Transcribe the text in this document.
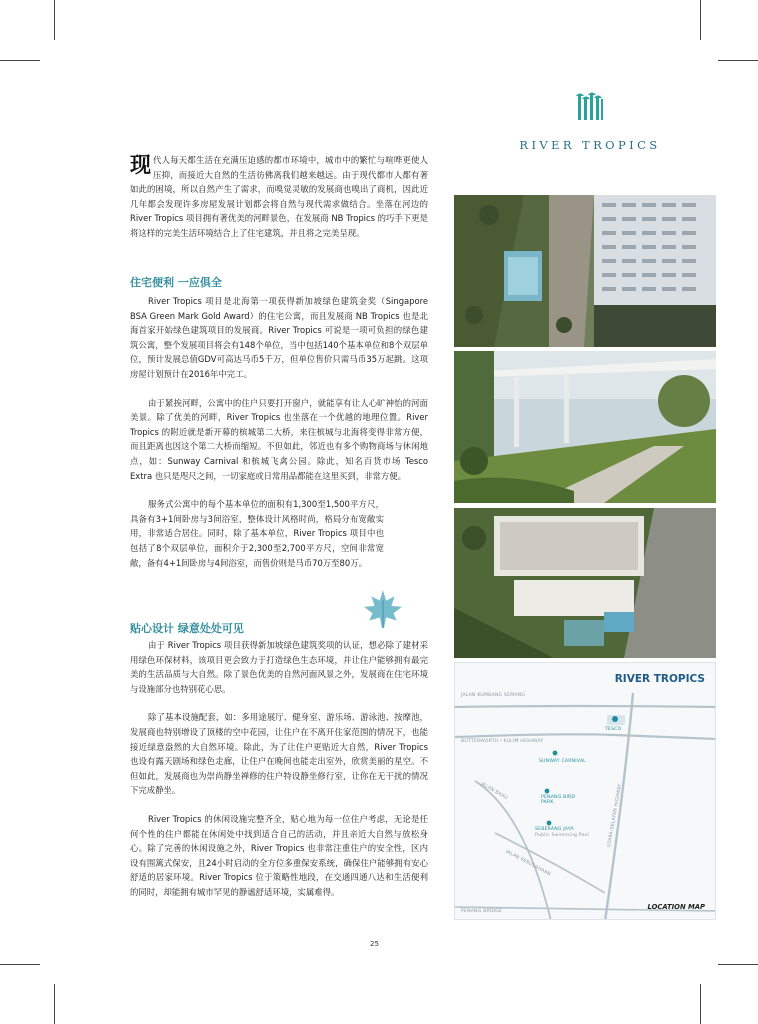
RIVER TROPICS

现代人每天都生活在充满压迫感的都市环境中，城市中的繁忙与喧哗更使人压抑，而接近大自然的生活彷佛离我们越来越远。由于现代都市人都有著如此的困境，所以自然产生了需求，而嗅觉灵敏的发展商也嗅出了商机，因此近几年都会发现许多房屋发展计划都会将自然与现代需求做结合。坐落在河边的 River Tropics 项目拥有著优美的河畔景色，在发展商 NB Tropics 的巧手下更是将这样的完美生活环境结合上了住宅建筑，并且将之完美呈现。

住宅便利 一应俱全

River Tropics 项目是北海第一项获得新加坡绿色建筑金奖（Singapore BSA Green Mark Gold Award）的住宅公寓，而且发展商 NB Tropics 也是北海首家开始绿色建筑项目的发展商。River Tropics 可说是一项可负担的绿色建筑公寓，整个发展项目将会有148个单位，当中包括140个基本单位和8个双层单位，预计发展总值GDV可高达马币5千万，但单位售价只需马币35万起跳。这项房屋计划预计在2016年中完工。

由于紧挨河畔，公寓中的住户只要打开窗户，就能享有让人心旷神怡的河面美景。除了优美的河畔，River Tropics 也坐落在一个优越的地理位置。River Tropics 的附近就是新开幕的槟城第二大桥，来往槟城与北海将变得非常方便，而且距离也因这个第二大桥而缩短。不但如此，邻近也有多个购物商场与休闲地点，如：Sunway Carnival 和槟城飞禽公园。除此，知名百货市场 Tesco Extra 也只是咫尺之间，一切家庭或日常用品都能在这里买到，非常方便。

服务式公寓中的每个基本单位的面积有1,300至1,500平方尺，具备有3+1间卧房与3间浴室，整体设计风格时尚，格局分布宽敞实用，非常适合居住。同时，除了基本单位，River Tropics 项目中也包括了8个双层单位，面积介于2,300至2,700平方尺，空间非常宽敞，备有4+1间卧房与4间浴室，而售价则是马币70万至80万。

贴心设计 绿意处处可见

由于 River Tropics 项目获得新加坡绿色建筑奖项的认证，想必除了建材采用绿色环保材料，该项目更会致力于打造绿色生态环境，并让住户能够拥有最完美的生活品质与大自然。除了景色优美的自然河面风景之外，发展商在住宅环境与设施部分也特别花心思。

除了基本设施配套，如：多用途展厅、健身室、游乐场、游泳池、按摩池，发展商也特别增设了顶楼的空中花园，让住户在不离开住家范围的情况下，也能接近绿意盎然的大自然环境。除此，为了让住户更贴近大自然，River Tropics 也设有露天剧场和绿色走廊，让住户在晚间也能走出室外，欣赏美丽的星空。不但如此，发展商也为崇尚静坐禅修的住户特设静坐修行室，让你在无干扰的情况下完成静坐。

River Tropics 的休闲设施完整齐全，贴心地为每一位住户考虑，无论是任何个性的住户都能在休闲处中找到适合自己的活动，并且亲近大自然与放松身心。除了完善的休闲设施之外，River Tropics 也非常注重住户的安全性，区内设有围篱式保安，且24小时启动的全方位多重保安系统，确保住户能够拥有安心舒适的居家环境。River Tropics 位于策略性地段，在交通四通八达和生活便利的同时，却能拥有城市罕见的静谧舒适环境，实属难得。

RIVER TROPICS
JALAN KUMBANG SEMANG
BUTTERWORTH / KULIM HIGHWAY
TESCO
SUNWAY CARNIVAL
PENANG BIRD PARK
JALAN BARU
SEBERANG JAYA
Public Swimming Pool	UTARA-SELATAN HIGHWAY
JALAN PERUSAHAAN
PENANG BRIDGE
LOCATION MAP
25
